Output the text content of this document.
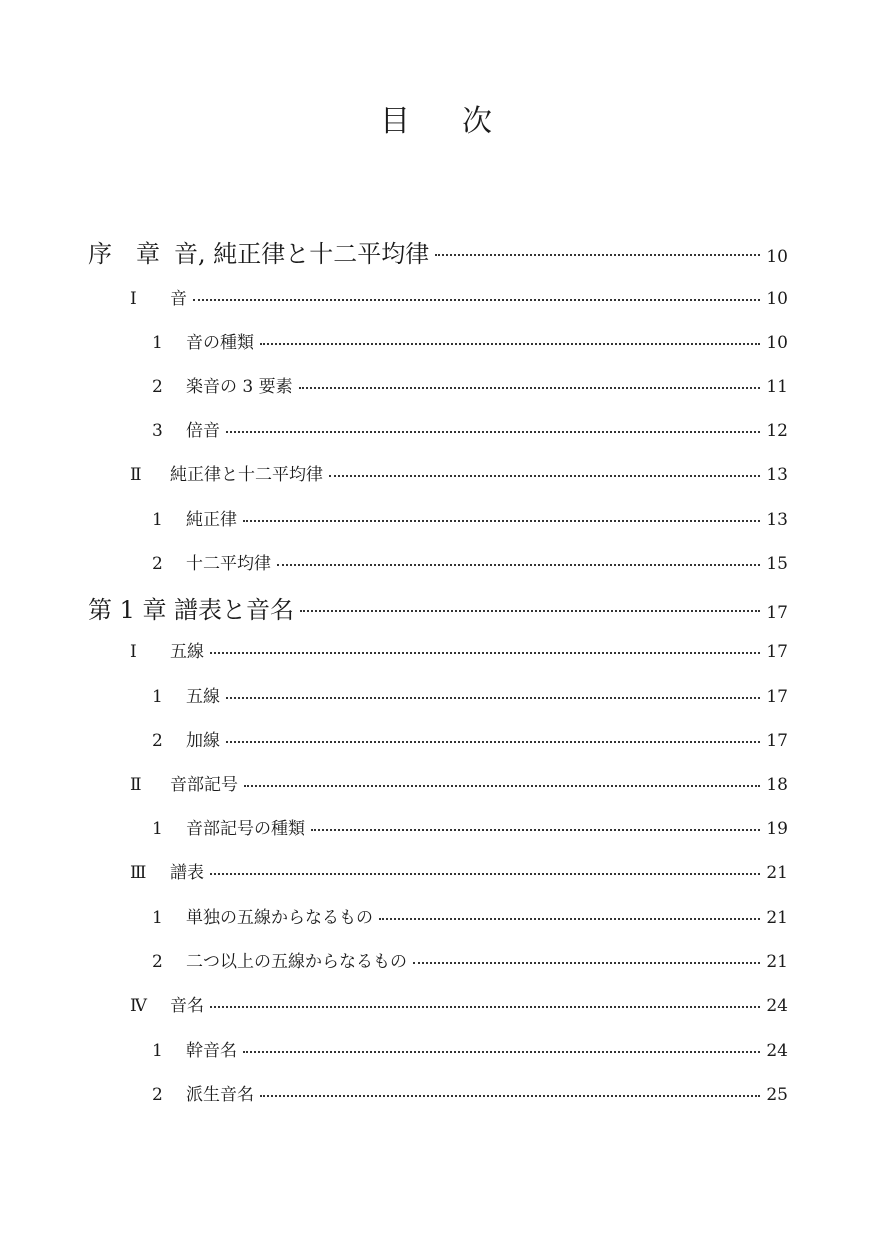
目 次
序　章 音, 純正律と十二平均律	10
Ⅰ	音	10
1	音の種類	10
2	楽音の 3 要素	11
3	倍音	12
Ⅱ	純正律と十二平均律	13
1	純正律	13
2	十二平均律	15
第 1 章 譜表と音名	17
Ⅰ	五線	17
1	五線	17
2	加線	17
Ⅱ	音部記号	18
1	音部記号の種類	19
Ⅲ	譜表	21
1	単独の五線からなるもの	21
2	二つ以上の五線からなるもの	21
Ⅳ	音名	24
1	幹音名	24
2	派生音名	25
